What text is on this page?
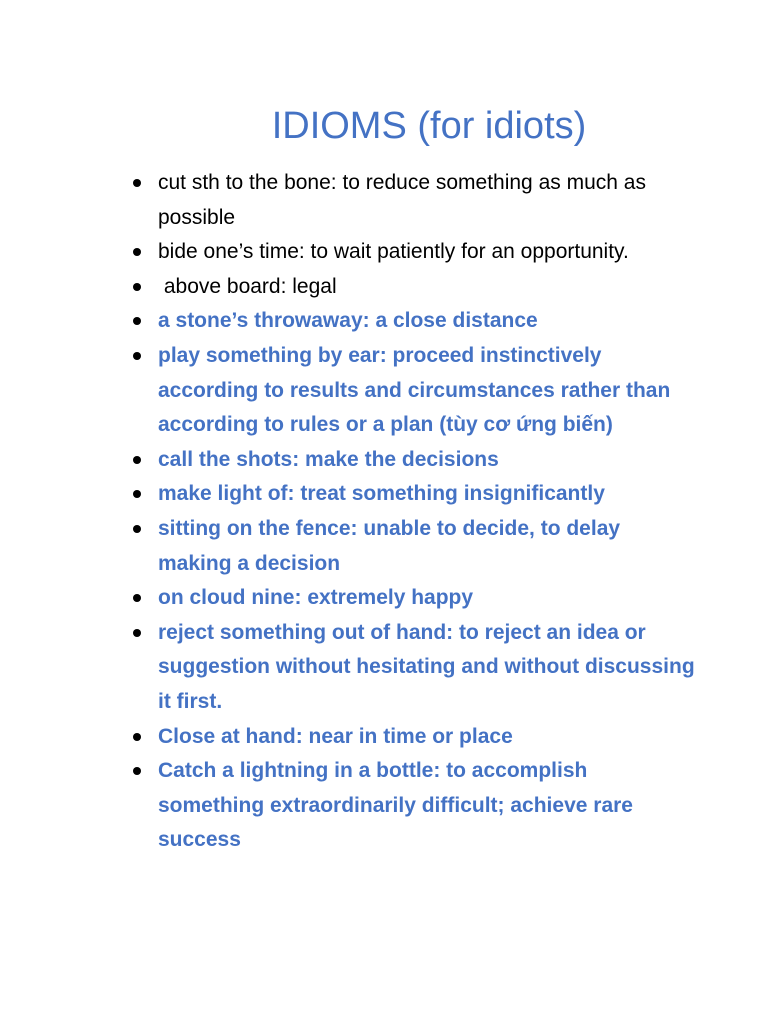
IDIOMS (for idiots)
cut sth to the bone: to reduce something as much as possible
bide one’s time: to wait patiently for an opportunity.
above board: legal
a stone’s throwaway: a close distance
play something by ear: proceed instinctively according to results and circumstances rather than according to rules or a plan (tùy cơ ứng biến)
call the shots: make the decisions
make light of: treat something insignificantly
sitting on the fence: unable to decide, to delay making a decision
on cloud nine: extremely happy
reject something out of hand: to reject an idea or suggestion without hesitating and without discussing it first.
Close at hand: near in time or place
Catch a lightning in a bottle: to accomplish something extraordinarily difficult; achieve rare success
